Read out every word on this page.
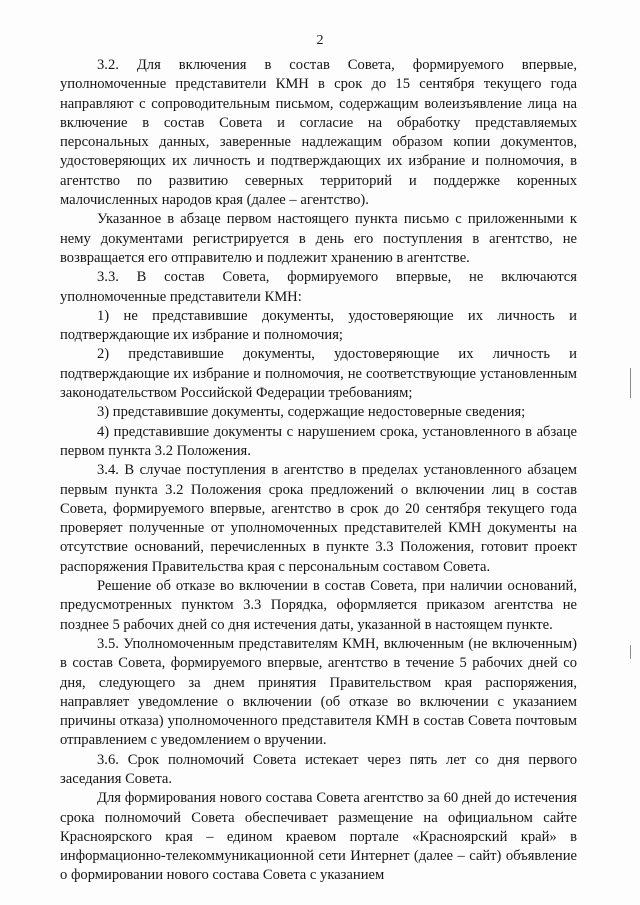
2

3.2. Для включения в состав Совета, формируемого впервые, уполномоченные представители КМН в срок до 15 сентября текущего года направляют с сопроводительным письмом, содержащим волеизъявление лица на включение в состав Совета и согласие на обработку представляемых персональных данных, заверенные надлежащим образом копии документов, удостоверяющих их личность и подтверждающих их избрание и полномочия, в агентство по развитию северных территорий и поддержке коренных малочисленных народов края (далее – агентство).

Указанное в абзаце первом настоящего пункта письмо с приложенными к нему документами регистрируется в день его поступления в агентство, не возвращается его отправителю и подлежит хранению в агентстве.

3.3. В состав Совета, формируемого впервые, не включаются уполномоченные представители КМН:

1) не представившие документы, удостоверяющие их личность и подтверждающие их избрание и полномочия;

2) представившие документы, удостоверяющие их личность и подтверждающие их избрание и полномочия, не соответствующие установленным законодательством Российской Федерации требованиям;

3) представившие документы, содержащие недостоверные сведения;

4) представившие документы с нарушением срока, установленного в абзаце первом пункта 3.2 Положения.

3.4. В случае поступления в агентство в пределах установленного абзацем первым пункта 3.2 Положения срока предложений о включении лиц в состав Совета, формируемого впервые, агентство в срок до 20 сентября текущего года проверяет полученные от уполномоченных представителей КМН документы на отсутствие оснований, перечисленных в пункте 3.3 Положения, готовит проект распоряжения Правительства края с персональным составом Совета.

Решение об отказе во включении в состав Совета, при наличии оснований, предусмотренных пунктом 3.3 Порядка, оформляется приказом агентства не позднее 5 рабочих дней со дня истечения даты, указанной в настоящем пункте.

3.5. Уполномоченным представителям КМН, включенным (не включенным) в состав Совета, формируемого впервые, агентство в течение 5 рабочих дней со дня, следующего за днем принятия Правительством края распоряжения, направляет уведомление о включении (об отказе во включении с указанием причины отказа) уполномоченного представителя КМН в состав Совета почтовым отправлением с уведомлением о вручении.

3.6. Срок полномочий Совета истекает через пять лет со дня первого заседания Совета.

Для формирования нового состава Совета агентство за 60 дней до истечения срока полномочий Совета обеспечивает размещение на официальном сайте Красноярского края – едином краевом портале «Красноярский край» в информационно-телекоммуникационной сети Интернет (далее – сайт) объявление о формировании нового состава Совета с указанием
